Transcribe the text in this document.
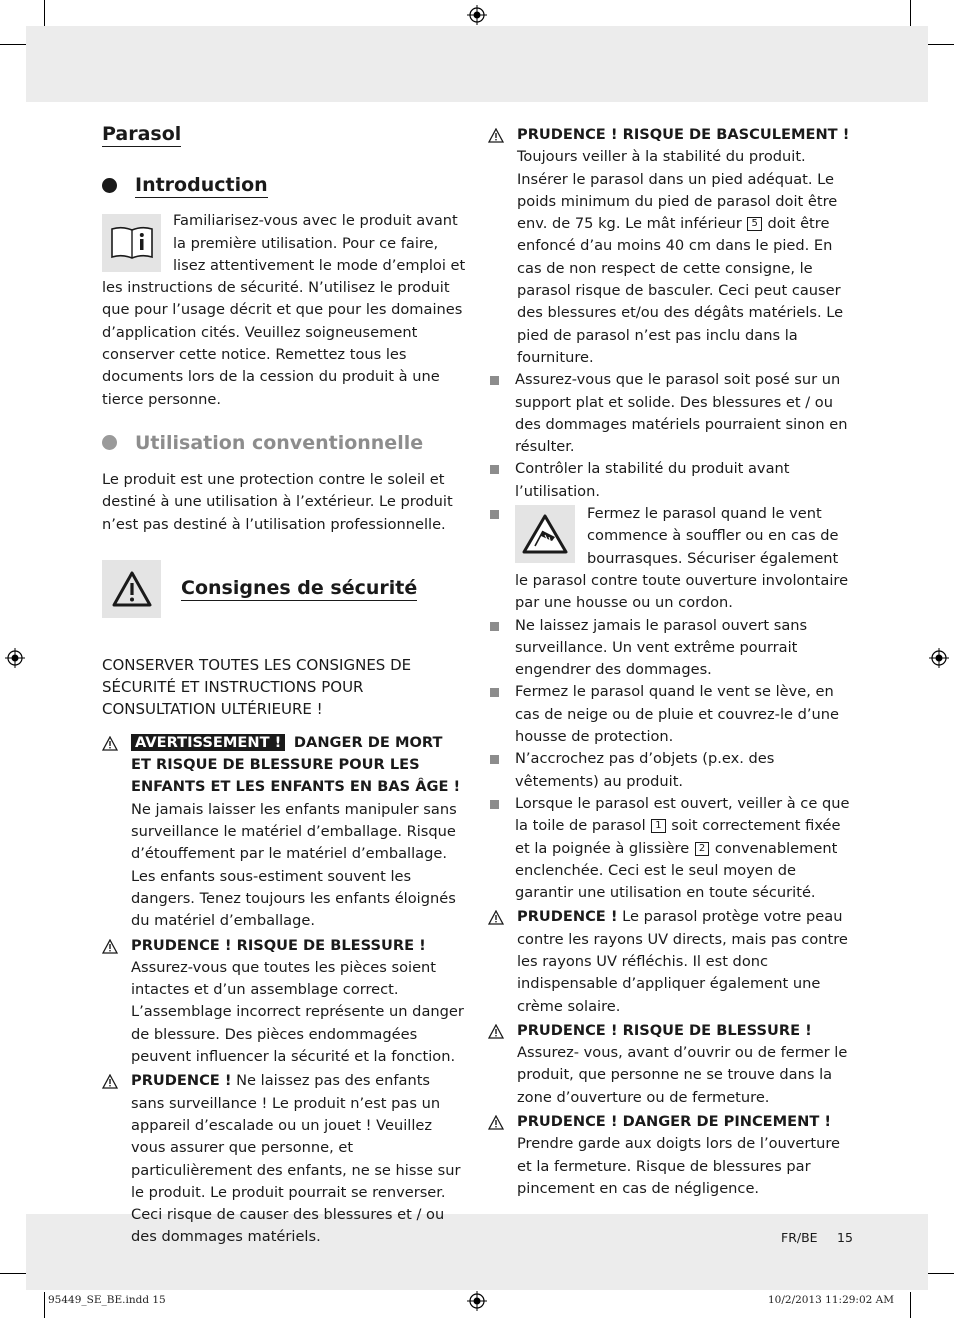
Parasol
Introduction

Familiarisez-vous avec le produit avant la première utilisation. Pour ce faire, lisez attentivement le mode d’emploi et les instructions de sécurité. N’utilisez le produit que pour l’usage décrit et que pour les domaines d’application cités. Veuillez soigneusement conserver cette notice. Remettez tous les documents lors de la cession du produit à une tierce personne.

Utilisation conventionnelle

Le produit est une protection contre le soleil et destiné à une utilisation à l’extérieur. Le produit n’est pas destiné à l’utilisation professionnelle.

Consignes de sécurité

CONSERVER TOUTES LES CONSIGNES DE SÉCURITÉ ET INSTRUCTIONS POUR CONSULTATION ULTÉRIEURE !

AVERTISSEMENT ! DANGER DE MORT ET RISQUE DE BLESSURE POUR LES ENFANTS ET LES ENFANTS EN BAS ÂGE ! Ne jamais laisser les enfants manipuler sans surveillance le matériel d’emballage. Risque d’étouffement par le matériel d’emballage. Les enfants sous-estiment souvent les dangers. Tenez toujours les enfants éloignés du matériel d’emballage.

PRUDENCE ! RISQUE DE BLESSURE !
Assurez-vous que toutes les pièces soient intactes et d’un assemblage correct. L’assemblage incorrect représente un danger de blessure. Des pièces endommagées peuvent influencer la sécurité et la fonction.

PRUDENCE ! Ne laissez pas des enfants sans surveillance ! Le produit n’est pas un appareil d’escalade ou un jouet ! Veuillez vous assurer que personne, et particulièrement des enfants, ne se hisse sur le produit. Le produit pourrait se renverser. Ceci risque de causer des blessures et / ou des dommages matériels.

PRUDENCE ! RISQUE DE BASCULEMENT !
Toujours veiller à la stabilité du produit. Insérer le parasol dans un pied adéquat. Le poids minimum du pied de parasol doit être env. de 75 kg. Le mât inférieur 5 doit être enfoncé d’au moins 40 cm dans le pied. En cas de non respect de cette consigne, le parasol risque de basculer. Ceci peut causer des blessures et/ou des dégâts matériels. Le pied de parasol n’est pas inclu dans la fourniture.

Assurez-vous que le parasol soit posé sur un support plat et solide. Des blessures et / ou des dommages matériels pourraient sinon en résulter.

Contrôler la stabilité du produit avant l’utilisation.

Fermez le parasol quand le vent commence à souffler ou en cas de bourrasques. Sécuriser également le parasol contre toute ouverture involontaire par une housse ou un cordon.

Ne laissez jamais le parasol ouvert sans surveillance. Un vent extrême pourrait engendrer des dommages.

Fermez le parasol quand le vent se lève, en cas de neige ou de pluie et couvrez-le d’une housse de protection.

N’accrochez pas d’objets (p.ex. des vêtements) au produit.

Lorsque le parasol est ouvert, veiller à ce que la toile de parasol 1 soit correctement fixée et la poignée à glissière 2 convenablement enclenchée. Ceci est le seul moyen de garantir une utilisation en toute sécurité.

PRUDENCE ! Le parasol protège votre peau contre les rayons UV directs, mais pas contre les rayons UV réfléchis. Il est donc indispensable d’appliquer également une crème solaire.

PRUDENCE ! RISQUE DE BLESSURE !
Assurez- vous, avant d’ouvrir ou de fermer le produit, que personne ne se trouve dans la zone d’ouverture ou de fermeture.

PRUDENCE ! DANGER DE PINCEMENT !
Prendre garde aux doigts lors de l’ouverture et la fermeture. Risque de blessures par pincement en cas de négligence.

FR/BE 15
95449_SE_BE.indd 15	10/2/2013 11:29:02 AM
